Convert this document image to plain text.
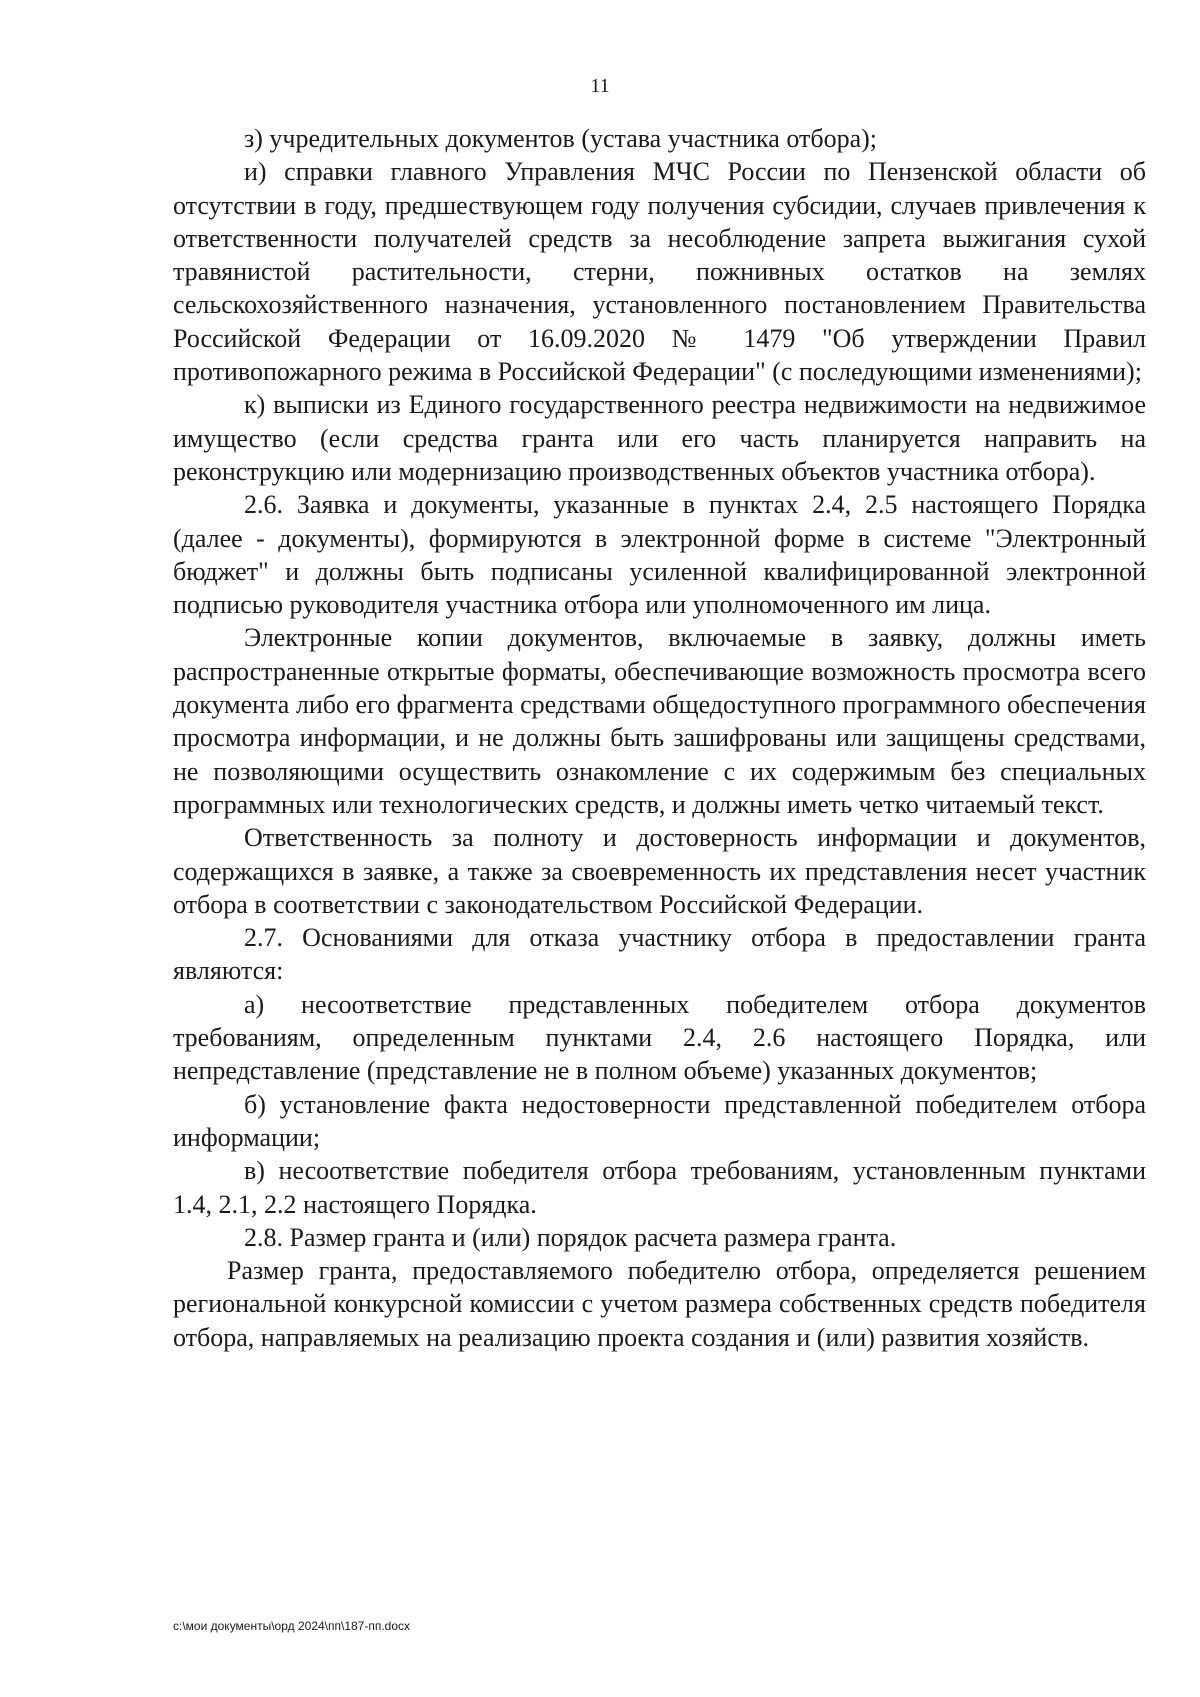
11

з) учредительных документов (устава участника отбора);

и) справки главного Управления МЧС России по Пензенской области об отсутствии в году, предшествующем году получения субсидии, случаев привлечения к ответственности получателей средств за несоблюдение запрета выжигания сухой травянистой растительности, стерни, пожнивных остатков на землях сельскохозяйственного назначения, установленного постановлением Правительства Российской Федерации от 16.09.2020 № 1479 "Об утверждении Правил противопожарного режима в Российской Федерации" (с последующими изменениями);

к) выписки из Единого государственного реестра недвижимости на недвижимое имущество (если средства гранта или его часть планируется направить на реконструкцию или модернизацию производственных объектов участника отбора).

2.6. Заявка и документы, указанные в пунктах 2.4, 2.5 настоящего Порядка (далее - документы), формируются в электронной форме в системе "Электронный бюджет" и должны быть подписаны усиленной квалифицированной электронной подписью руководителя участника отбора или уполномоченного им лица.

Электронные копии документов, включаемые в заявку, должны иметь распространенные открытые форматы, обеспечивающие возможность просмотра всего документа либо его фрагмента средствами общедоступного программного обеспечения просмотра информации, и не должны быть зашифрованы или защищены средствами, не позволяющими осуществить ознакомление с их содержимым без специальных программных или технологических средств, и должны иметь четко читаемый текст.

Ответственность за полноту и достоверность информации и документов, содержащихся в заявке, а также за своевременность их представления несет участник отбора в соответствии с законодательством Российской Федерации.

2.7. Основаниями для отказа участнику отбора в предоставлении гранта являются:

а) несоответствие представленных победителем отбора документов требованиям, определенным пунктами 2.4, 2.6 настоящего Порядка, или непредставление (представление не в полном объеме) указанных документов;

б) установление факта недостоверности представленной победителем отбора информации;

в) несоответствие победителя отбора требованиям, установленным пунктами 1.4, 2.1, 2.2 настоящего Порядка.

2.8. Размер гранта и (или) порядок расчета размера гранта.

Размер гранта, предоставляемого победителю отбора, определяется решением региональной конкурсной комиссии с учетом размера собственных средств победителя отбора, направляемых на реализацию проекта создания и (или) развития хозяйств.

c:\мои документы\орд 2024\пп\187-пп.docx
